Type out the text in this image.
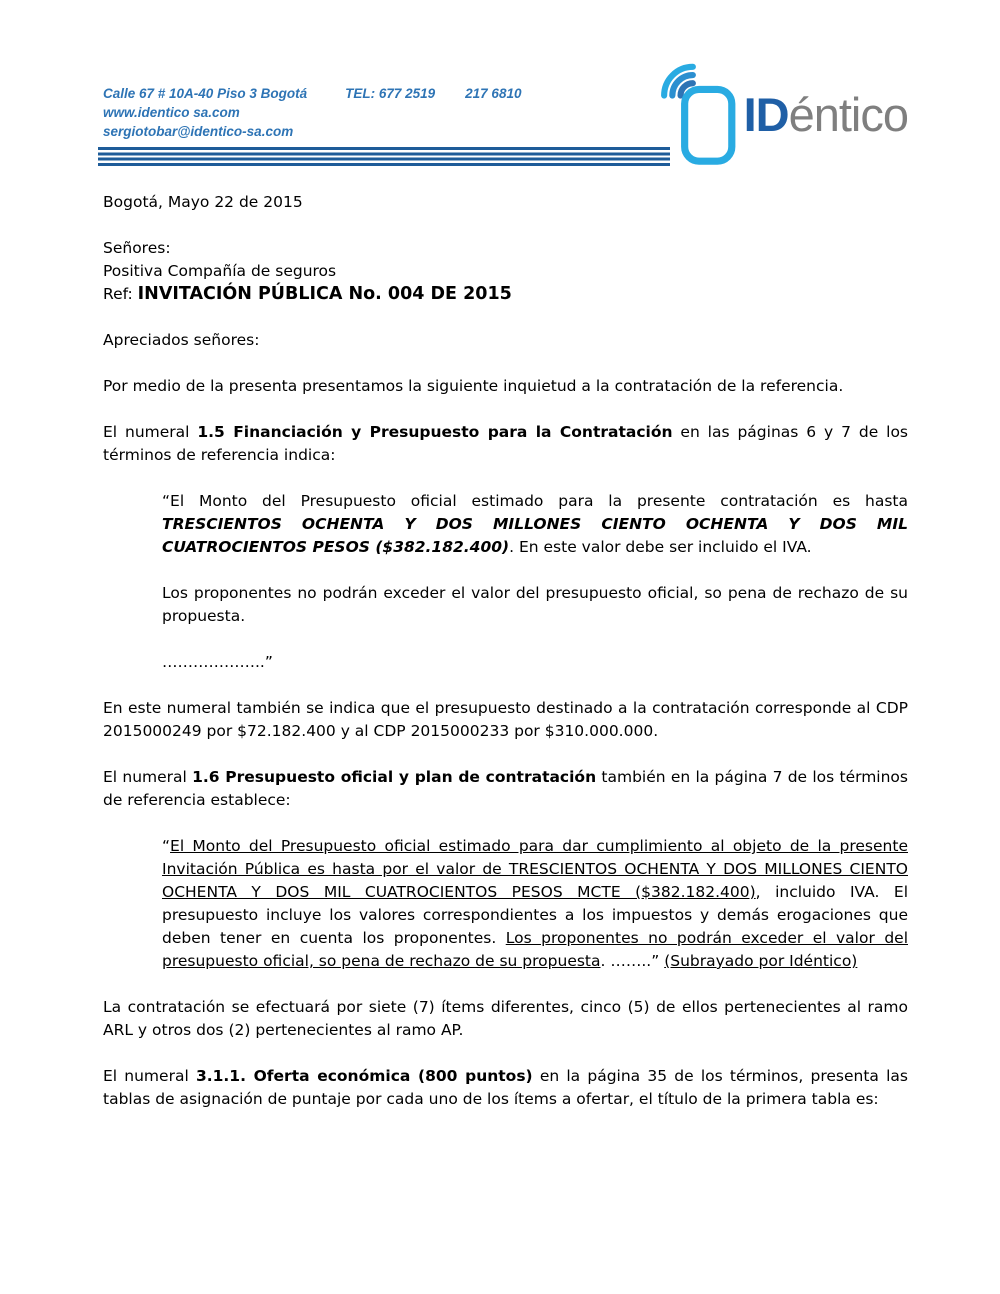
Calle 67 # 10A-40 Piso 3 Bogotá	TEL: 677 2519 217 6810
www.identico sa.com
sergiotobar@identico-sa.com	IDéntico

Bogotá, Mayo 22 de 2015

Señores:

Positiva Compañía de seguros

Ref: INVITACIÓN PÚBLICA No. 004 DE 2015

Apreciados señores:

Por medio de la presenta presentamos la siguiente inquietud a la contratación de la referencia.

El numeral 1.5 Financiación y Presupuesto para la Contratación en las páginas 6 y 7 de los términos de referencia indica:

“El Monto del Presupuesto oficial estimado para la presente contratación es hasta TRESCIENTOS OCHENTA Y DOS MILLONES CIENTO OCHENTA Y DOS MIL CUATROCIENTOS PESOS ($382.182.400). En este valor debe ser incluido el IVA.

Los proponentes no podrán exceder el valor del presupuesto oficial, so pena de rechazo de su propuesta.

………………..”

En este numeral también se indica que el presupuesto destinado a la contratación corresponde al CDP 2015000249 por $72.182.400 y al CDP 2015000233 por $310.000.000.

El numeral 1.6 Presupuesto oficial y plan de contratación también en la página 7 de los términos de referencia establece:

“El Monto del Presupuesto oficial estimado para dar cumplimiento al objeto de la presente Invitación Pública es hasta por el valor de TRESCIENTOS OCHENTA Y DOS MILLONES CIENTO OCHENTA Y DOS MIL CUATROCIENTOS PESOS MCTE ($382.182.400), incluido IVA. El presupuesto incluye los valores correspondientes a los impuestos y demás erogaciones que deben tener en cuenta los proponentes. Los proponentes no podrán exceder el valor del presupuesto oficial, so pena de rechazo de su propuesta. ……..” (Subrayado por Idéntico)

La contratación se efectuará por siete (7) ítems diferentes, cinco (5) de ellos pertenecientes al ramo ARL y otros dos (2) pertenecientes al ramo AP.

El numeral 3.1.1. Oferta económica (800 puntos) en la página 35 de los términos, presenta las tablas de asignación de puntaje por cada uno de los ítems a ofertar, el título de la primera tabla es:
